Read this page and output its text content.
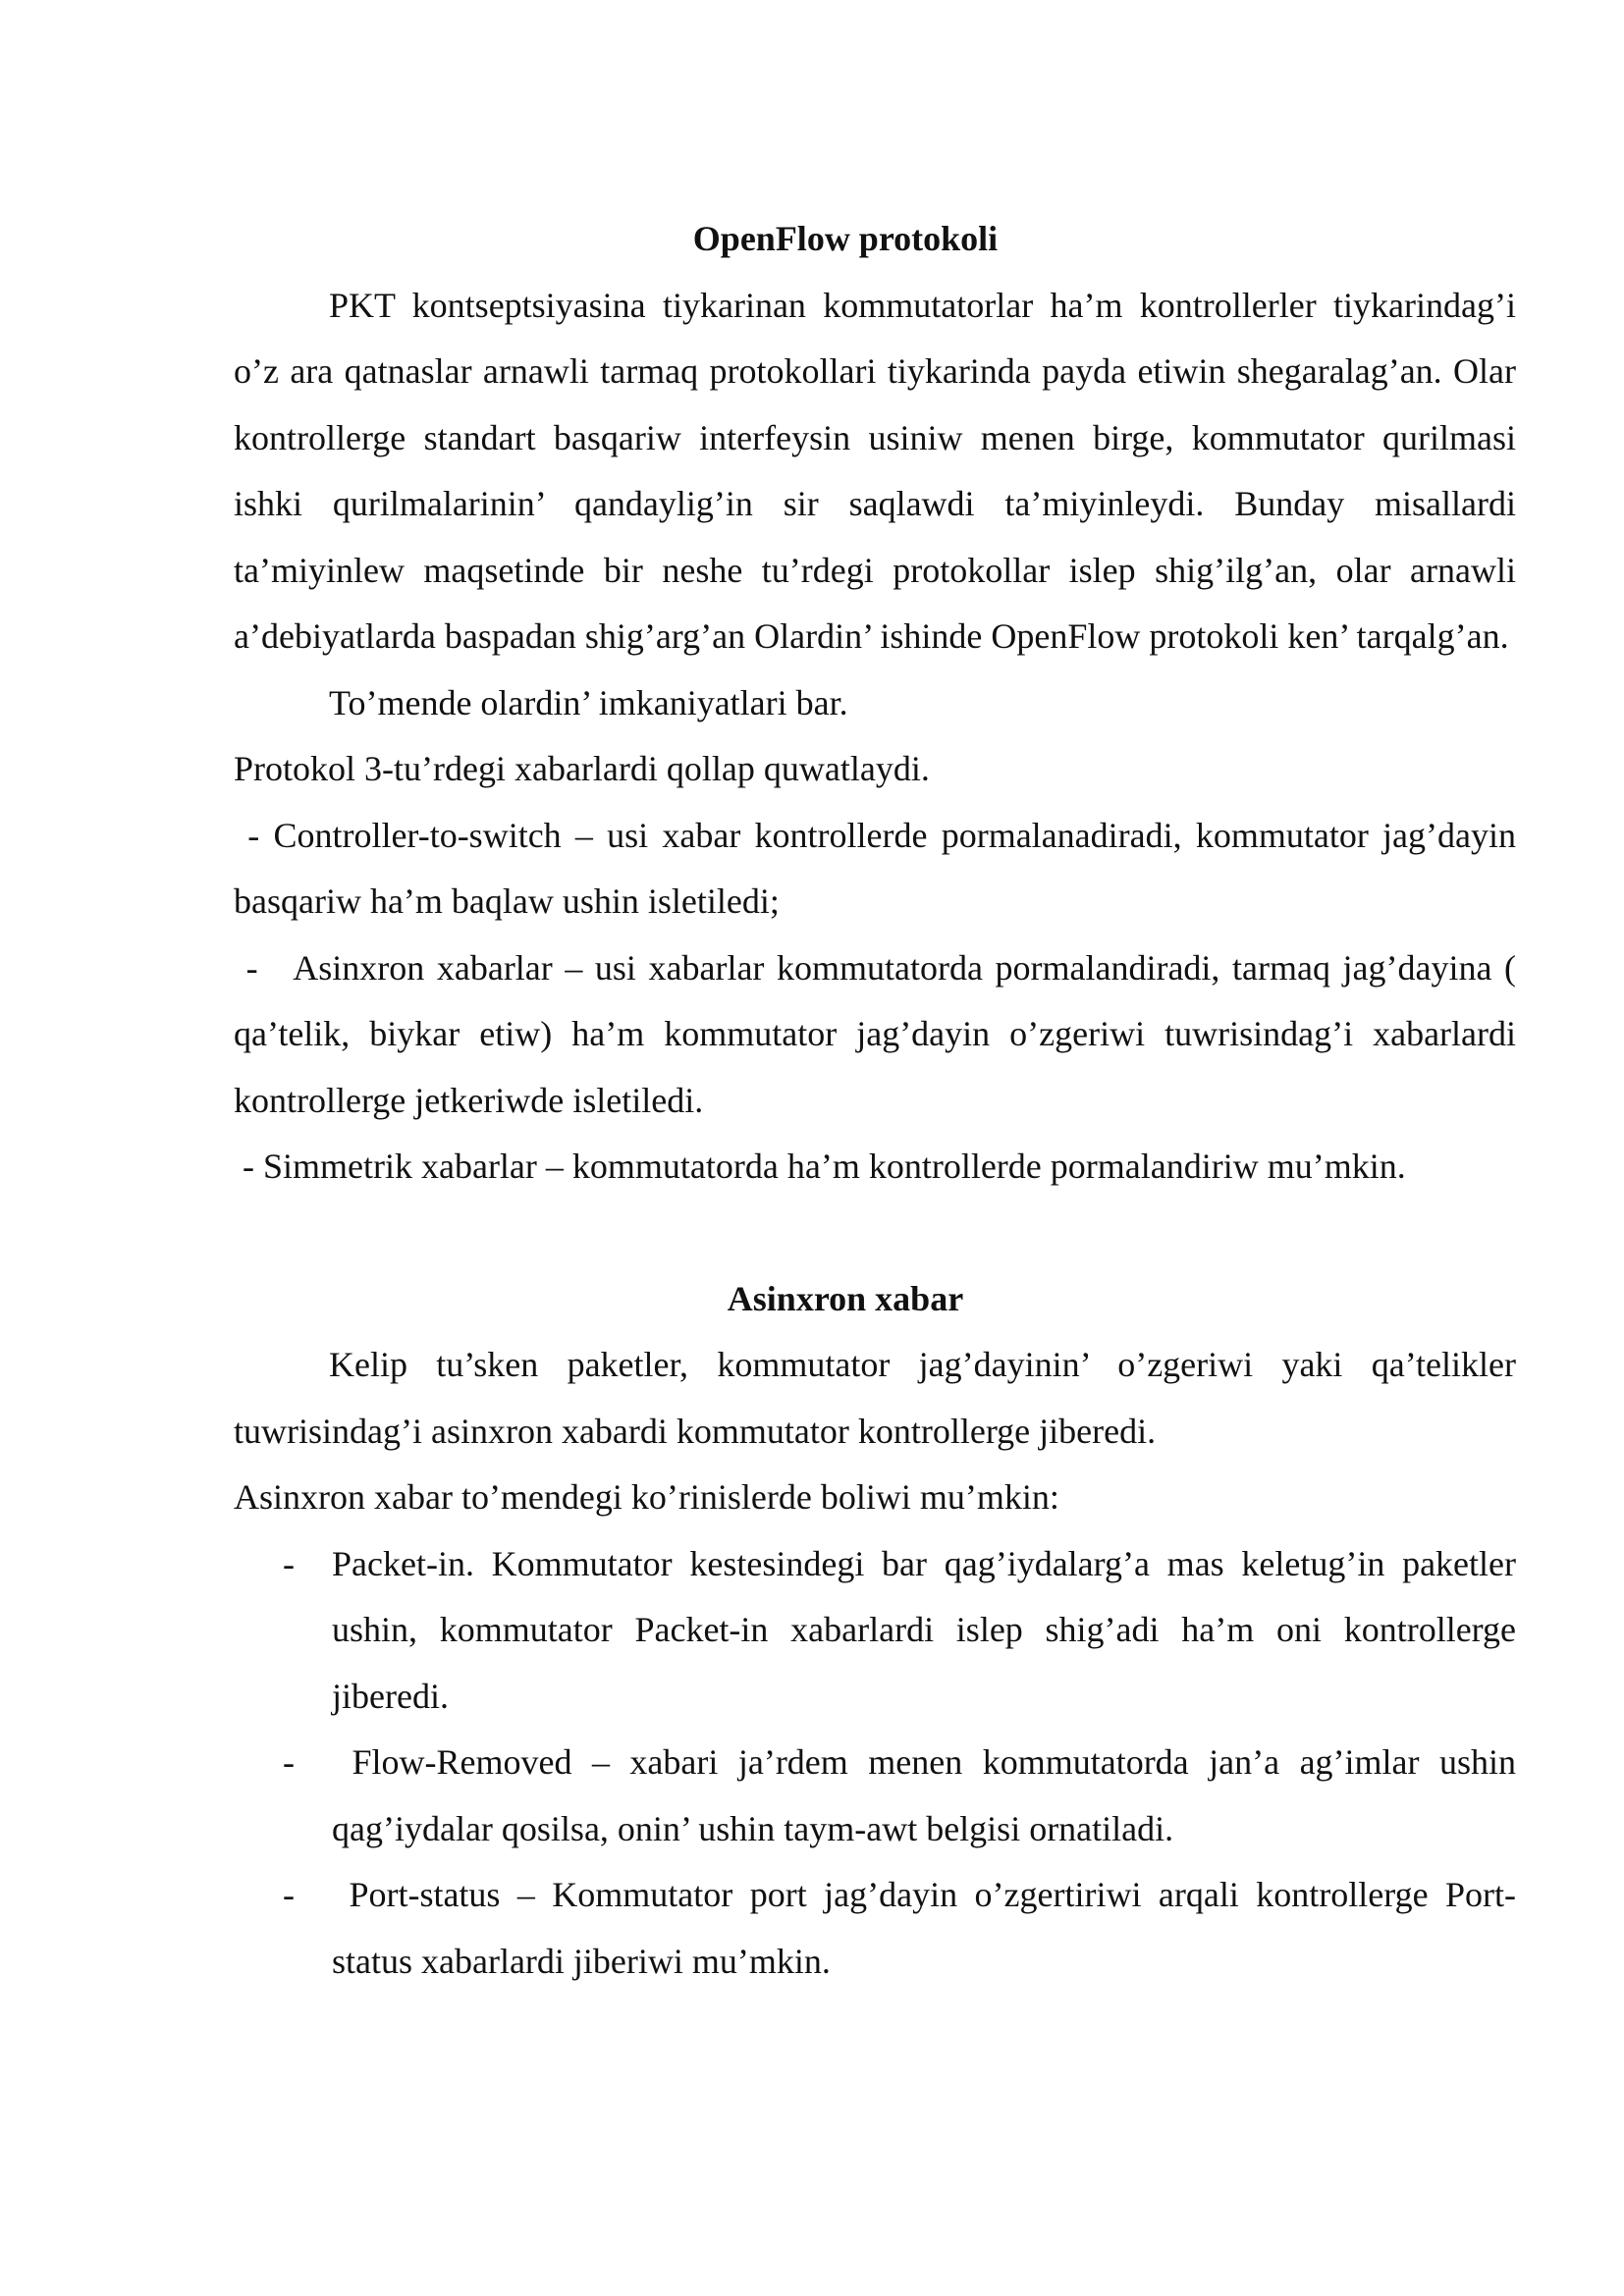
OpenFlow protokoli

PKT kontseptsiyasina tiykarinan kommutatorlar ha’m kontrollerler tiykarindag’i o’z ara qatnaslar arnawli tarmaq protokollari tiykarinda payda etiwin shegaralag’an. Olar kontrollerge standart basqariw interfeysin usiniw menen birge, kommutator qurilmasi ishki qurilmalarinin’ qandaylig’in sir saqlawdi ta’miyinleydi. Bunday misallardi ta’miyinlew maqsetinde bir neshe tu’rdegi protokollar islep shig’ilg’an, olar arnawli a’debiyatlarda baspadan shig’arg’an Olardin’ ishinde OpenFlow protokoli ken’ tarqalg’an.

To’mende olardin’ imkaniyatlari bar.

Protokol 3-tu’rdegi xabarlardi qollap quwatlaydi.

- Controller-to-switch – usi xabar kontrollerde pormalanadiradi, kommutator jag’dayin basqariw ha’m baqlaw ushin isletiledi;

-   Asinxron xabarlar – usi xabarlar kommutatorda pormalandiradi, tarmaq jag’dayina ( qa’telik, biykar etiw) ha’m kommutator jag’dayin o’zgeriwi tuwrisindag’i xabarlardi kontrollerge jetkeriwde isletiledi.

- Simmetrik xabarlar – kommutatorda ha’m kontrollerde pormalandiriw mu’mkin.

Asinxron xabar

Kelip tu’sken paketler, kommutator jag’dayinin’ o’zgeriwi yaki qa’telikler tuwrisindag’i asinxron xabardi kommutator kontrollerge jiberedi.

Asinxron xabar to’mendegi ko’rinislerde boliwi mu’mkin:

- Packet-in. Kommutator kestesindegi bar qag’iydalarg’a mas keletug’in paketler ushin, kommutator Packet-in xabarlardi islep shig’adi ha’m oni kontrollerge jiberedi.
- Flow-Removed – xabari ja’rdem menen kommutatorda jan’a ag’imlar ushin qag’iydalar qosilsa, onin’ ushin taym-awt belgisi ornatiladi.
- Port-status – Kommutator port jag’dayin o’zgertiriwi arqali kontrollerge Port-status xabarlardi jiberiwi mu’mkin.
